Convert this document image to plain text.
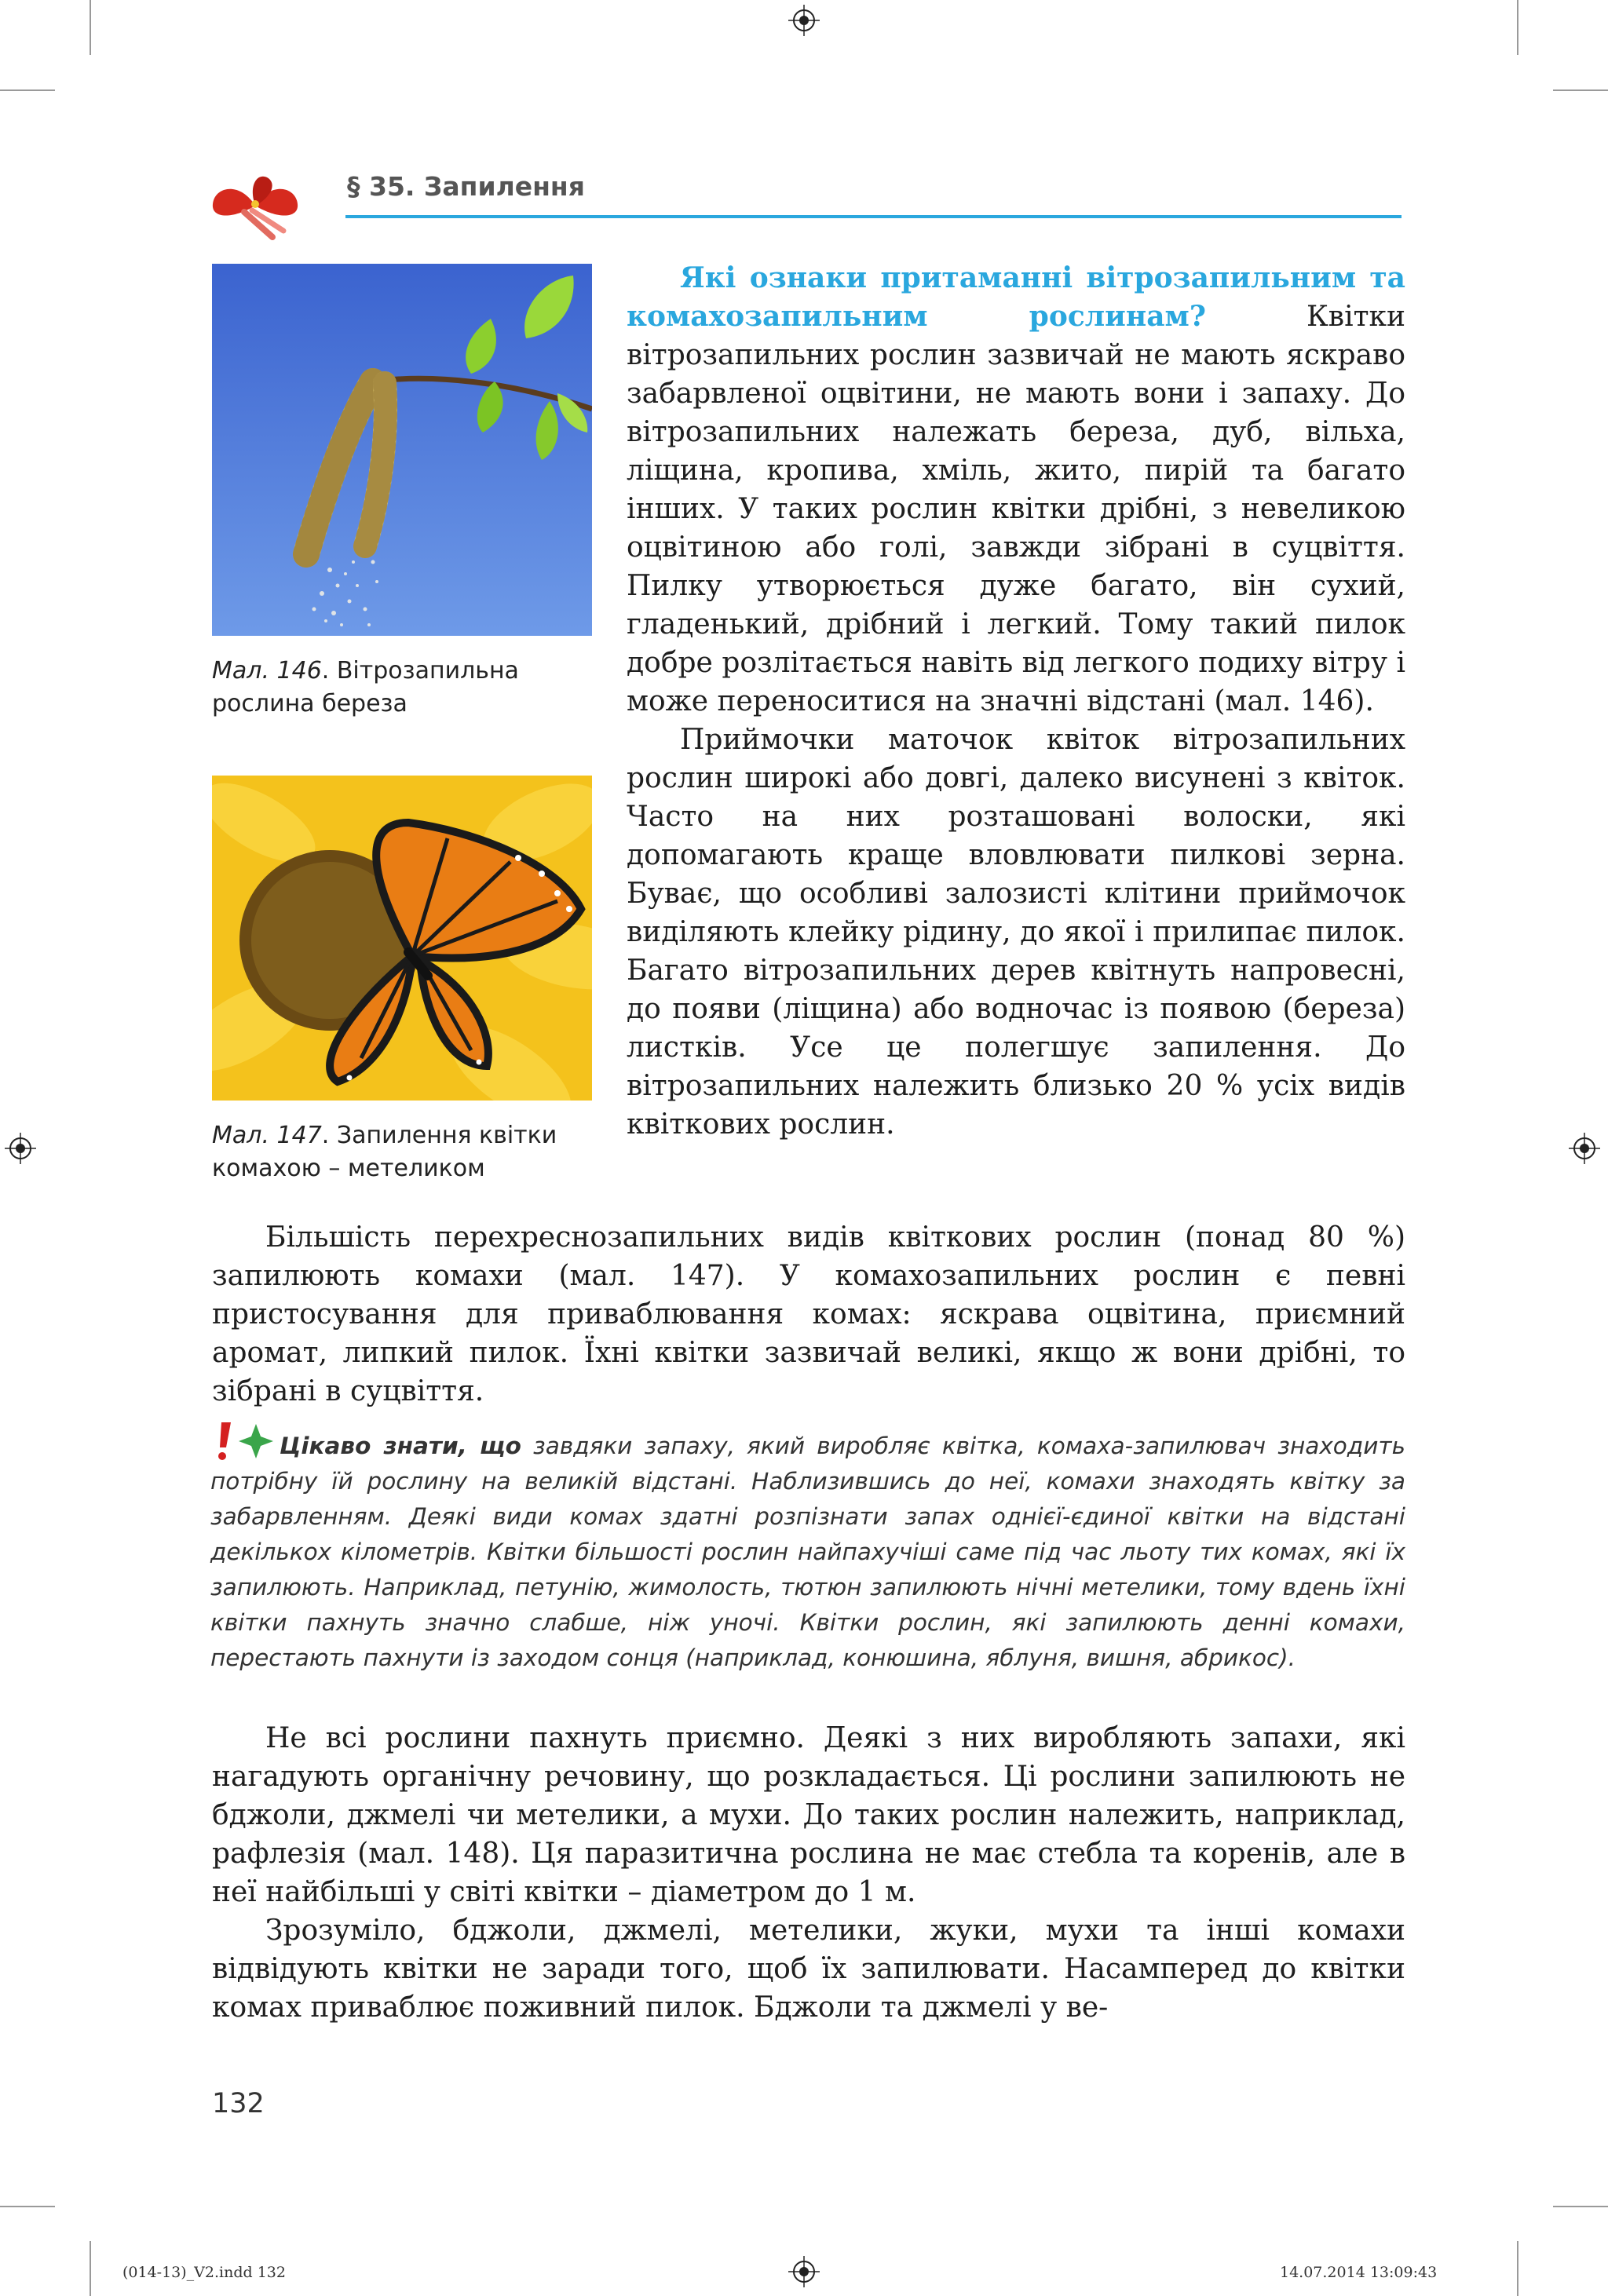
§ 35. Запилення

Мал. 146. Вітрозапильна рослина береза

Мал. 147. Запилення квітки комахою – метеликом

Які ознаки притаманні вітрозапильним та комахозапильним рослинам? Квітки вітрозапильних рослин зазвичай не мають яскраво забарвленої оцвітини, не мають вони і запаху. До вітрозапильних належать береза, дуб, вільха, ліщина, кропива, хміль, жито, пирій та багато інших. У таких рослин квітки дрібні, з невеликою оцвітиною або голі, завжди зібрані в суцвіття. Пилку утворюється дуже багато, він сухий, гладенький, дрібний і легкий. Тому такий пилок добре розлітається навіть від легкого подиху вітру і може переноситися на значні відстані (мал. 146).

Приймочки маточок квіток вітрозапильних рослин широкі або довгі, далеко висунені з квіток. Часто на них розташовані волоски, які допомагають краще вловлювати пилкові зерна. Буває, що особливі залозисті клітини приймочок виділяють клейку рідину, до якої і прилипає пилок. Багато вітрозапильних дерев квітнуть напровесні, до появи (ліщина) або водночас із появою (береза) листків. Усе це полегшує запилення. До вітрозапильних належить близько 20 % усіх видів квіткових рослин.

Більшість перехреснозапильних видів квіткових рослин (понад 80 %) запилюють комахи (мал. 147). У комахозапильних рослин є певні пристосування для приваблювання комах: яскрава оцвітина, приємний аромат, липкий пилок. Їхні квітки зазвичай великі, якщо ж вони дрібні, то зібрані в суцвіття.

Цікаво знати, що завдяки запаху, який виробляє квітка, комаха-запилювач знаходить потрібну їй рослину на великій відстані. Наблизившись до неї, комахи знаходять квітку за забарвленням. Деякі види комах здатні розпізнати запах однієї-єдиної квітки на відстані декількох кілометрів. Квітки більшості рослин найпахучіші саме під час льоту тих комах, які їх запилюють. Наприклад, петунію, жимолость, тютюн запилюють нічні метелики, тому вдень їхні квітки пахнуть значно слабше, ніж уночі. Квітки рослин, які запилюють денні комахи, перестають пахнути із заходом сонця (наприклад, конюшина, яблуня, вишня, абрикос).

Не всі рослини пахнуть приємно. Деякі з них виробляють запахи, які нагадують органічну речовину, що розкладається. Ці рослини запилюють не бджоли, джмелі чи метелики, а мухи. До таких рослин належить, наприклад, рафлезія (мал. 148). Ця паразитична рослина не має стебла та коренів, але в неї найбільші у світі квітки – діаметром до 1 м.

Зрозуміло, бджоли, джмелі, метелики, жуки, мухи та інші комахи відвідують квітки не заради того, щоб їх запилювати. Насамперед до квітки комах приваблює поживний пилок. Бджоли та джмелі у ве-

132

(014-13)_V2.indd 132	14.07.2014 13:09:43
